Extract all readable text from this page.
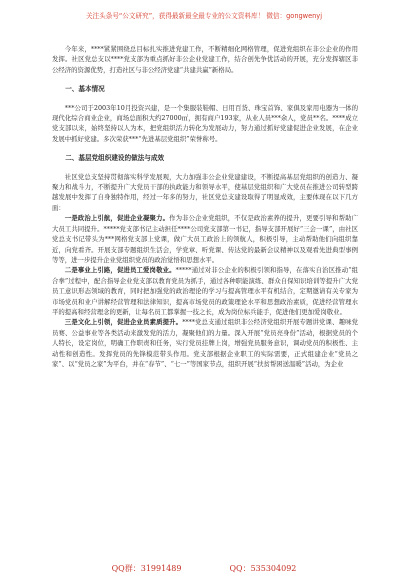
关注头条号“公文研究”，获得最新最全最专业的公文资料库！ 微信：gongwenyj

今年来，****紧紧围绕总目标扎实推进党建工作，不断精细化网格管理，促进党组织在非公企业的作用发挥。社区党总支以****党支部为重点抓好非公企业党建工作，结合创先争优活动的开展，充分发挥辖区非公经济的资源优势，打造社区与非公经济党建“共建共赢”新格局。

一、基本情况

***公司于2003年10月投资兴建，是一个集服装鞋帽、日用百货、珠宝首饰、家俱及家用电器为一体的现代化综合商业企业，商场总面积大约27000㎡，拥有商户193家，从业人员***余人，党员**名。****成立党支部以来，始终坚持以人为本，把党组织活力转化为发展动力，努力通过抓好党建促进企业发展，在企业发展中抓好党建。多次荣获***“先进基层党组织”荣誉称号。

二、基层党组织建设的做法与成效

社区党总支坚持贯彻落实科学发展观，大力加强非公企业党建建设，不断提高基层党组织的创造力、凝聚力和战斗力，不断提升广大党员干部的执政能力和领导水平，使基层党组织和广大党员在推进公司转型跨越发展中发挥了自身独特作用，经过一年多的努力，社区党总支建设取得了明显成效，主要体现在以下几方面：

一是政治上引航，促进企业凝聚力。作为非公企业党组织，不仅是政治素养的提升，更要引导和帮助广大员工共同提升。*****党支部书记主动担任****公司党支部第一书记，指导支部开展好“三会一课”，由社区党总支书记带头为***网格党支部上党课，做广大员工政治上的领航人，积极引导，主动帮助他们向组织靠近，向党看齐。开展支部专题组织生活会，学党章、听党课、传达党的最新会议精神以及观看先进典型事例等等，进一步提升企业党组织党员的政治觉悟和思想水平。

二是事业上引路，促进员工爱岗敬业。*****通过对非公企业的积极引领和指导，在落实自治区推动“组合拳”过程中，配合指导企业党支部以教育党员为抓手，通过各种职能演练、群众自保知识培训等提升广大党员工意识形态领域的教育，同时把加强党的政治理论的学习与提高管理水平有机结合，定期邀请有关专家为市场党员和业户讲解经营管理和法律知识，提高市场党员的政策理论水平和思想政治素质，促进经营管理水平的提高和经营理念的更新，让每名员工都掌握一技之长，成为岗位标兵能手，促进他们更加爱岗敬业。

三是文化上引领，促进企业员素质提升。****党总支通过组织非公经济党组织开展专题讲党课、趣味党员赛、公益事业等各类活动来激发党的活力，凝聚他们的力量。深入开展“党员亮身份”活动，根据党员的个人特长，设定岗位，明确工作职责和任务，实行党员挂牌上岗，增强党员服务意识，调动党员的积极性、主动性和创造性。发挥党员的先锋模范带头作用。党支部根据企业职工的实际需要，正式组建企业“党员之家”、以“党员之家”为平台，并在“春节”、“七一”等国家节点，组织开展“扶贫帮困送温暖”活动，为企业

QQ群：31991489	QQ：535304092
